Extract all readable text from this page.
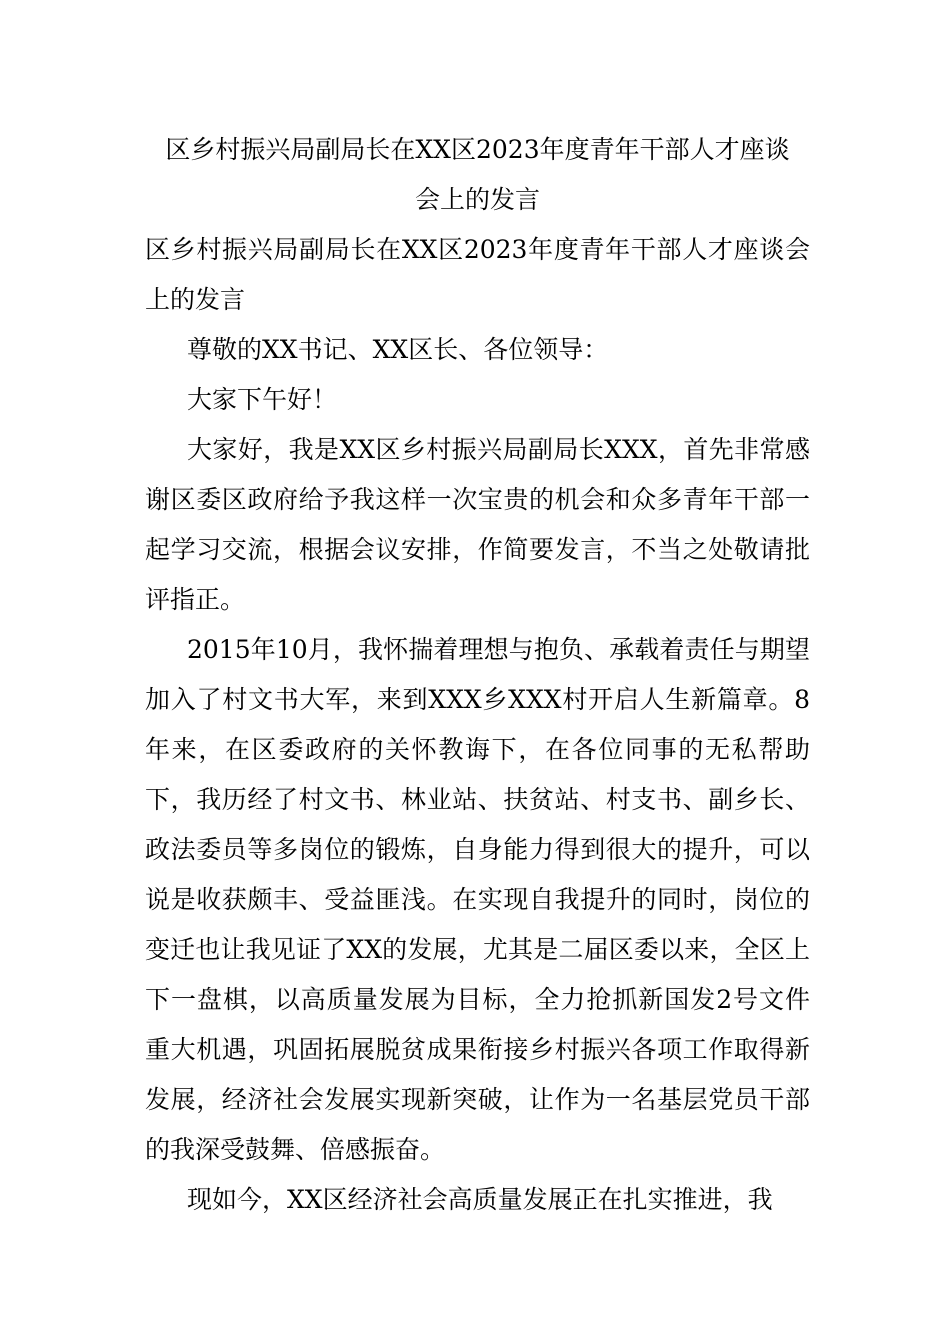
区乡村振兴局副局长在XX区2023年度青年干部人才座谈
会上的发言

区乡村振兴局副局长在XX区2023年度青年干部人才座谈会上的发言

尊敬的XX书记、XX区长、各位领导：

大家下午好！

大家好，我是XX区乡村振兴局副局长XXX，首先非常感谢区委区政府给予我这样一次宝贵的机会和众多青年干部一起学习交流，根据会议安排，作简要发言，不当之处敬请批评指正。

2015年10月，我怀揣着理想与抱负、承载着责任与期望加入了村文书大军，来到XXX乡XXX村开启人生新篇章。8年来，在区委政府的关怀教诲下，在各位同事的无私帮助下，我历经了村文书、林业站、扶贫站、村支书、副乡长、政法委员等多岗位的锻炼，自身能力得到很大的提升，可以说是收获颇丰、受益匪浅。在实现自我提升的同时，岗位的变迁也让我见证了XX的发展，尤其是二届区委以来，全区上下一盘棋，以高质量发展为目标，全力抢抓新国发2号文件重大机遇，巩固拓展脱贫成果衔接乡村振兴各项工作取得新发展，经济社会发展实现新突破，让作为一名基层党员干部的我深受鼓舞、倍感振奋。

现如今，XX区经济社会高质量发展正在扎实推进，我
